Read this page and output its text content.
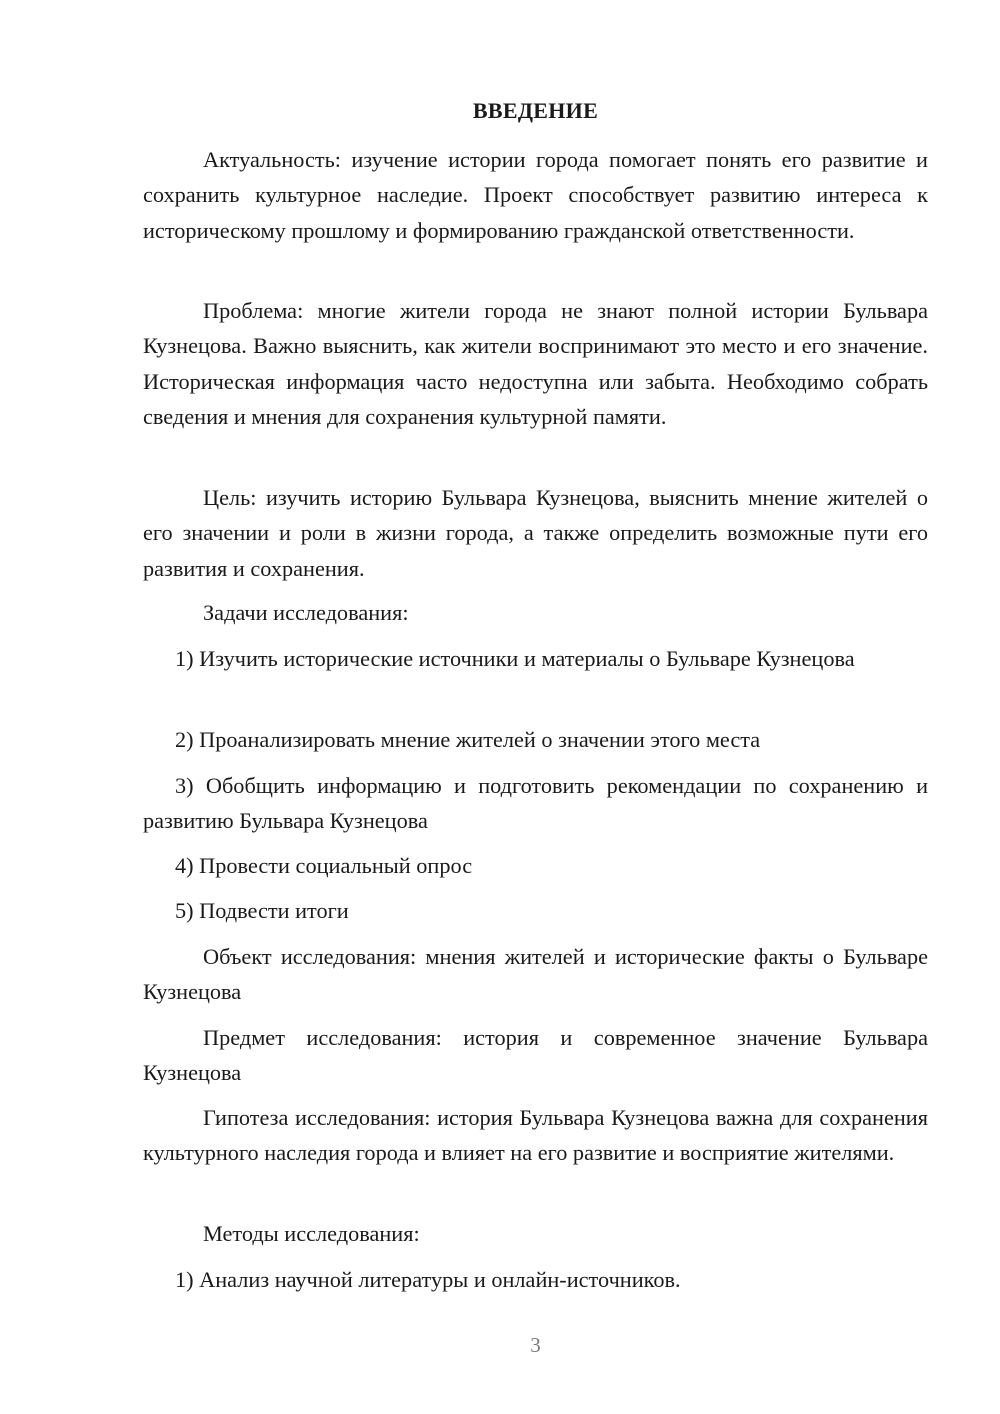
ВВЕДЕНИЕ

Актуальность: изучение истории города помогает понять его развитие и сохранить культурное наследие. Проект способствует развитию интереса к историческому прошлому и формированию гражданской ответственности.

Проблема: многие жители города не знают полной истории Бульвара Кузнецова. Важно выяснить, как жители воспринимают это место и его значение. Историческая информация часто недоступна или забыта. Необходимо собрать сведения и мнения для сохранения культурной памяти.

Цель: изучить историю Бульвара Кузнецова, выяснить мнение жителей о его значении и роли в жизни города, а также определить возможные пути его развития и сохранения.

Задачи исследования:

1) Изучить исторические источники и материалы о Бульваре Кузнецова

2) Проанализировать мнение жителей о значении этого места

3) Обобщить информацию и подготовить рекомендации по сохранению и развитию Бульвара Кузнецова

4) Провести социальный опрос

5) Подвести итоги

Объект исследования: мнения жителей и исторические факты о Бульваре Кузнецова

Предмет исследования: история и современное значение Бульвара Кузнецова

Гипотеза исследования: история Бульвара Кузнецова важна для сохранения культурного наследия города и влияет на его развитие и восприятие жителями.

Методы исследования:

1) Анализ научной литературы и онлайн-источников.

3
